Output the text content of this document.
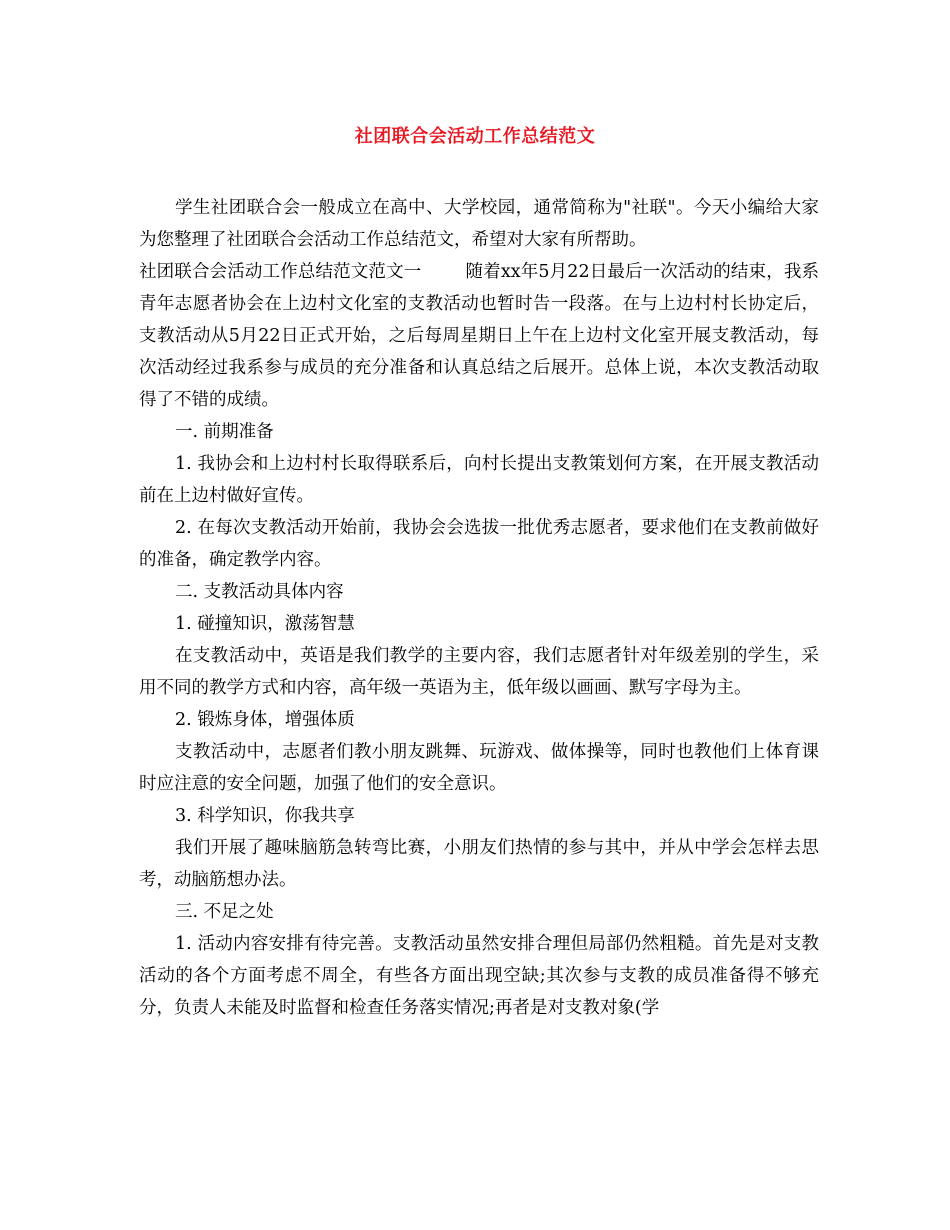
社团联合会活动工作总结范文

学生社团联合会一般成立在高中、大学校园，通常简称为"社联"。今天小编给大家为您整理了社团联合会活动工作总结范文，希望对大家有所帮助。

社团联合会活动工作总结范文范文一	随着xx年5月22日最后一次活动的结束，我系青年志愿者协会在上边村文化室的支教活动也暂时告一段落。在与上边村村长协定后，支教活动从5月22日正式开始，之后每周星期日上午在上边村文化室开展支教活动，每次活动经过我系参与成员的充分准备和认真总结之后展开。总体上说，本次支教活动取得了不错的成绩。

一. 前期准备

1. 我协会和上边村村长取得联系后，向村长提出支教策划何方案，在开展支教活动前在上边村做好宣传。

2. 在每次支教活动开始前，我协会会选拔一批优秀志愿者，要求他们在支教前做好的准备，确定教学内容。

二. 支教活动具体内容

1. 碰撞知识，激荡智慧

在支教活动中，英语是我们教学的主要内容，我们志愿者针对年级差别的学生，采用不同的教学方式和内容，高年级一英语为主，低年级以画画、默写字母为主。

2. 锻炼身体，增强体质

支教活动中，志愿者们教小朋友跳舞、玩游戏、做体操等，同时也教他们上体育课时应注意的安全问题，加强了他们的安全意识。

3. 科学知识，你我共享

我们开展了趣味脑筋急转弯比赛，小朋友们热情的参与其中，并从中学会怎样去思考，动脑筋想办法。

三. 不足之处

1. 活动内容安排有待完善。支教活动虽然安排合理但局部仍然粗糙。首先是对支教活动的各个方面考虑不周全，有些各方面出现空缺;其次参与支教的成员准备得不够充分，负责人未能及时监督和检查任务落实情况;再者是对支教对象(学
